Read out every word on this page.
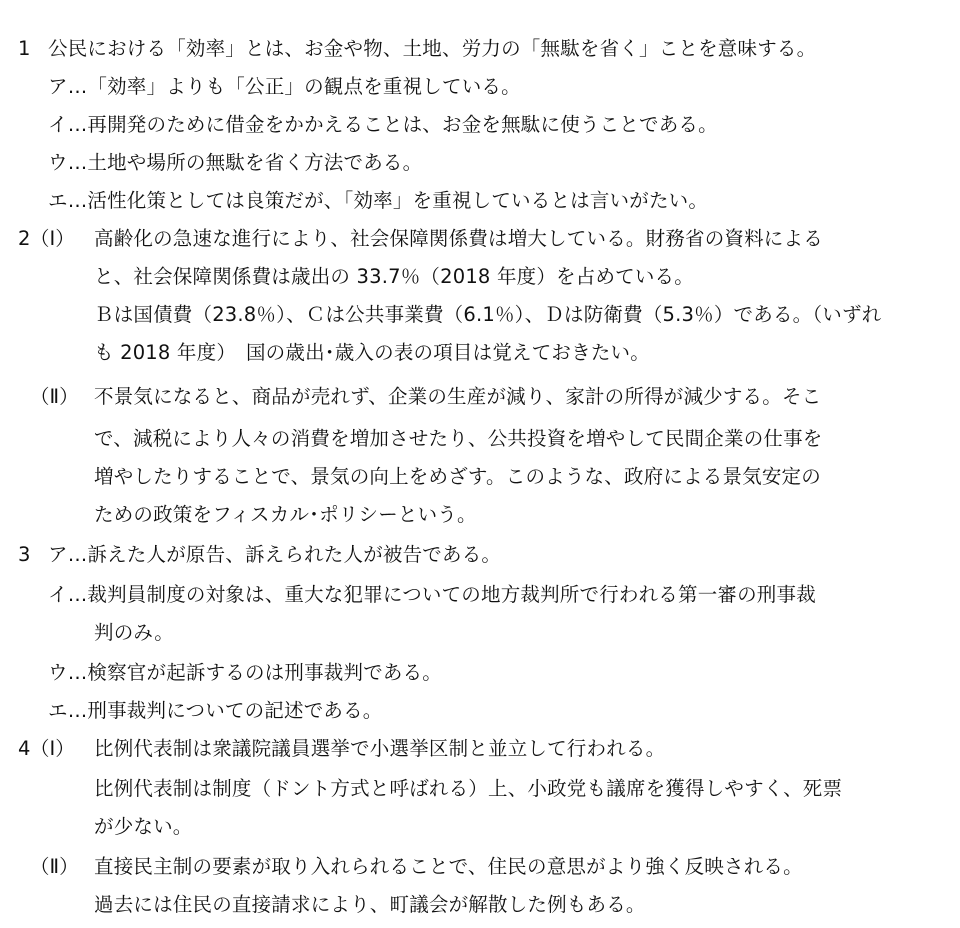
1 公民における「効率」とは、お金や物、土地、労力の「無駄を省く」ことを意味する。
ア…「効率」よりも「公正」の観点を重視している。
イ…再開発のために借金をかかえることは、お金を無駄に使うことである。
ウ…土地や場所の無駄を省く方法である。
エ…活性化策としては良策だが、「効率」を重視しているとは言いがたい。
2 （Ⅰ） 高齢化の急速な進行により、社会保障関係費は増大している。財務省の資料によ​る
と、社会保障関係費は歳出の 33.7％（2018 年度）を占めている。
Ｂは国債費（23.8％）、Ｃは公共事業費（6.1％）、Ｄは防衛費（5.3％）である。（いずれ
も 2018 年度）　国の歳出･歳入の表の項目は覚えておきたい。
（Ⅱ） 不景気になると、商品が売れず、企業の生産が減り、家計の所得が減少する。そこ
で、減税により人々の消費を増加させたり、公共投資を増やして民間企業の仕事を
増やしたりすることで、景気の向上をめざす。このような、政府による景気安定の
ための政策をフィスカル･ポリシーという。
3 ア…訴えた人が原告、訴えられた人が被告である。
イ…裁判員制度の対象は、重大な犯罪についての地方裁判所で行われる第一審の刑事裁
判のみ。
ウ…検察官が起訴するのは刑事裁判である。
エ…刑事裁判についての記述である。
4 （Ⅰ） 比例代表制は衆議院議員選挙で小選挙区制と並立して行われる。
比例代表制は制度（ドント方式と呼ばれる）上、小政党も議席を獲得しやすく、死票
が少ない。
（Ⅱ） 直接民主制の要素が取り入れられることで、住民の意思がより強く反映される。
過去には住民の直接請求により、町議会が解散した例もある。
